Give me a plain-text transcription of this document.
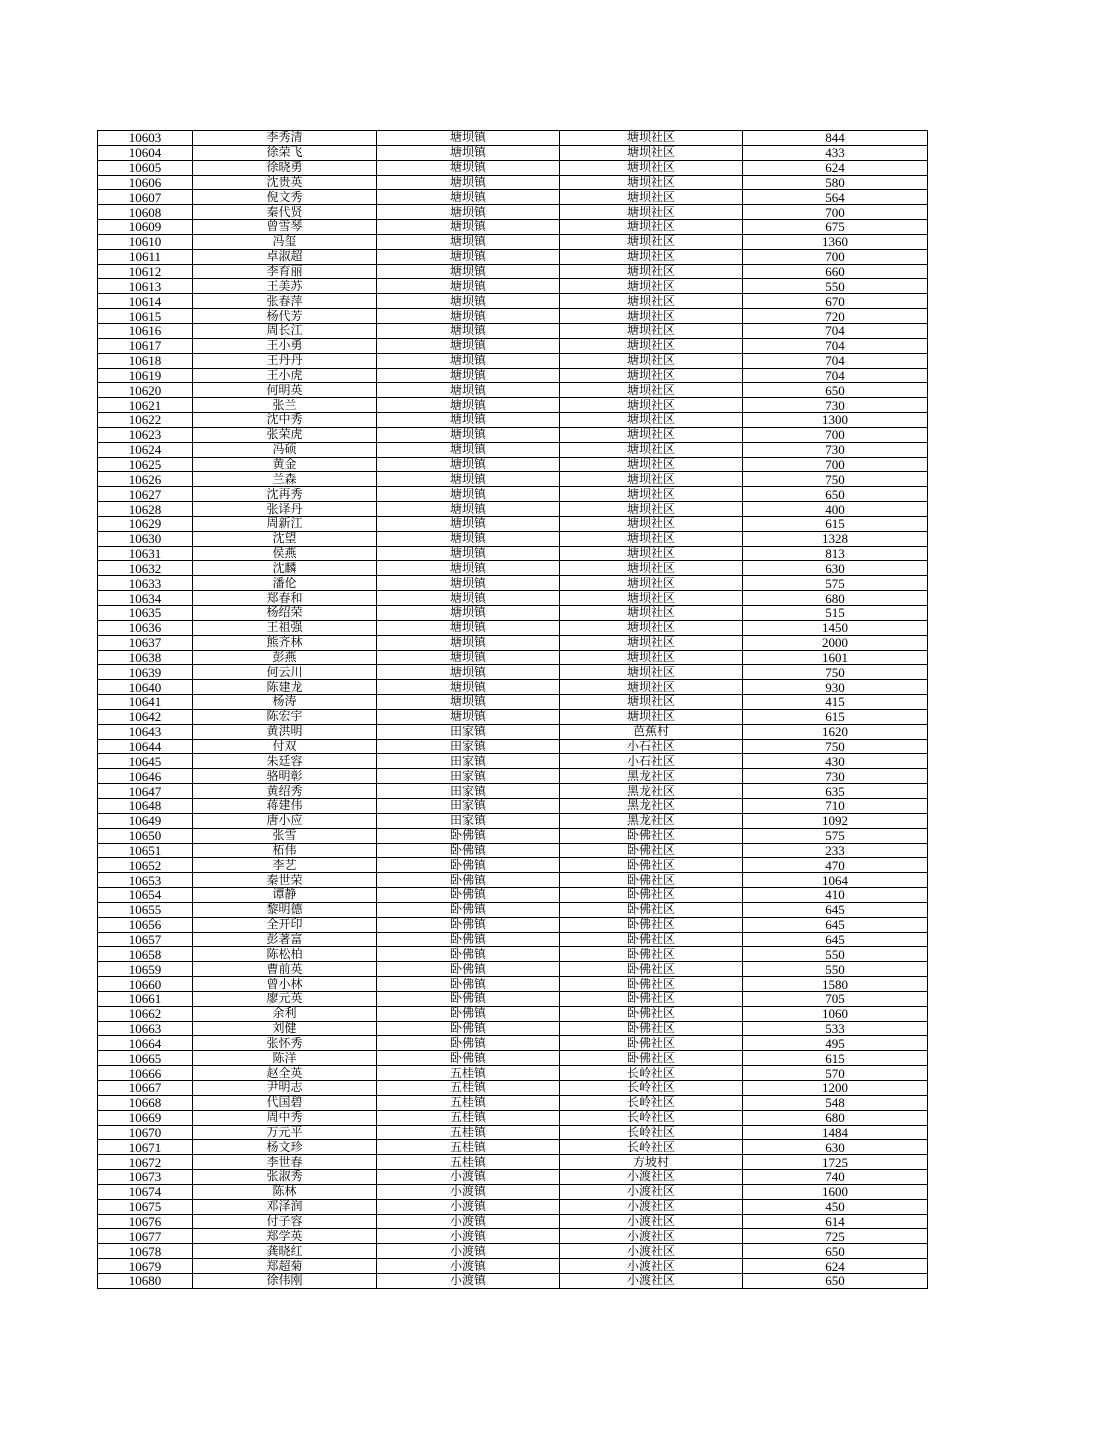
10603	李秀清	塘坝镇	塘坝社区	844
10604	徐荣飞	塘坝镇	塘坝社区	433
10605	徐晓勇	塘坝镇	塘坝社区	624
10606	沈贵英	塘坝镇	塘坝社区	580
10607	倪文秀	塘坝镇	塘坝社区	564
10608	秦代贤	塘坝镇	塘坝社区	700
10609	曾雪琴	塘坝镇	塘坝社区	675
10610	冯玺	塘坝镇	塘坝社区	1360
10611	卓淑超	塘坝镇	塘坝社区	700
10612	李育丽	塘坝镇	塘坝社区	660
10613	王美苏	塘坝镇	塘坝社区	550
10614	张春萍	塘坝镇	塘坝社区	670
10615	杨代芳	塘坝镇	塘坝社区	720
10616	周长江	塘坝镇	塘坝社区	704
10617	王小勇	塘坝镇	塘坝社区	704
10618	王丹丹	塘坝镇	塘坝社区	704
10619	王小虎	塘坝镇	塘坝社区	704
10620	何明英	塘坝镇	塘坝社区	650
10621	张兰	塘坝镇	塘坝社区	730
10622	沈中秀	塘坝镇	塘坝社区	1300
10623	张荣虎	塘坝镇	塘坝社区	700
10624	冯硕	塘坝镇	塘坝社区	730
10625	黄金	塘坝镇	塘坝社区	700
10626	兰森	塘坝镇	塘坝社区	750
10627	沈再秀	塘坝镇	塘坝社区	650
10628	张译丹	塘坝镇	塘坝社区	400
10629	周新江	塘坝镇	塘坝社区	615
10630	沈望	塘坝镇	塘坝社区	1328
10631	侯燕	塘坝镇	塘坝社区	813
10632	沈麟	塘坝镇	塘坝社区	630
10633	潘伦	塘坝镇	塘坝社区	575
10634	郑春和	塘坝镇	塘坝社区	680
10635	杨绍荣	塘坝镇	塘坝社区	515
10636	王祖强	塘坝镇	塘坝社区	1450
10637	熊齐林	塘坝镇	塘坝社区	2000
10638	彭燕	塘坝镇	塘坝社区	1601
10639	何云川	塘坝镇	塘坝社区	750
10640	陈建龙	塘坝镇	塘坝社区	930
10641	杨涛	塘坝镇	塘坝社区	415
10642	陈宏宇	塘坝镇	塘坝社区	615
10643	黄洪明	田家镇	芭蕉村	1620
10644	付双	田家镇	小石社区	750
10645	朱廷容	田家镇	小石社区	430
10646	骆明彰	田家镇	黑龙社区	730
10647	黄绍秀	田家镇	黑龙社区	635
10648	蒋建伟	田家镇	黑龙社区	710
10649	唐小应	田家镇	黑龙社区	1092
10650	张雪	卧佛镇	卧佛社区	575
10651	柘伟	卧佛镇	卧佛社区	233
10652	李艺	卧佛镇	卧佛社区	470
10653	秦世荣	卧佛镇	卧佛社区	1064
10654	谭静	卧佛镇	卧佛社区	410
10655	黎明德	卧佛镇	卧佛社区	645
10656	全开印	卧佛镇	卧佛社区	645
10657	彭著富	卧佛镇	卧佛社区	645
10658	陈松柏	卧佛镇	卧佛社区	550
10659	曹前英	卧佛镇	卧佛社区	550
10660	曾小林	卧佛镇	卧佛社区	1580
10661	廖元英	卧佛镇	卧佛社区	705
10662	余利	卧佛镇	卧佛社区	1060
10663	刘健	卧佛镇	卧佛社区	533
10664	张怀秀	卧佛镇	卧佛社区	495
10665	陈洋	卧佛镇	卧佛社区	615
10666	赵全英	五桂镇	长岭社区	570
10667	尹明志	五桂镇	长岭社区	1200
10668	代国碧	五桂镇	长岭社区	548
10669	周中秀	五桂镇	长岭社区	680
10670	万元平	五桂镇	长岭社区	1484
10671	杨文珍	五桂镇	长岭社区	630
10672	李世春	五桂镇	方坡村	1725
10673	张淑秀	小渡镇	小渡社区	740
10674	陈林	小渡镇	小渡社区	1600
10675	邓泽润	小渡镇	小渡社区	450
10676	付子容	小渡镇	小渡社区	614
10677	郑学英	小渡镇	小渡社区	725
10678	龚晓红	小渡镇	小渡社区	650
10679	郑超菊	小渡镇	小渡社区	624
10680	徐伟刚	小渡镇	小渡社区	650
